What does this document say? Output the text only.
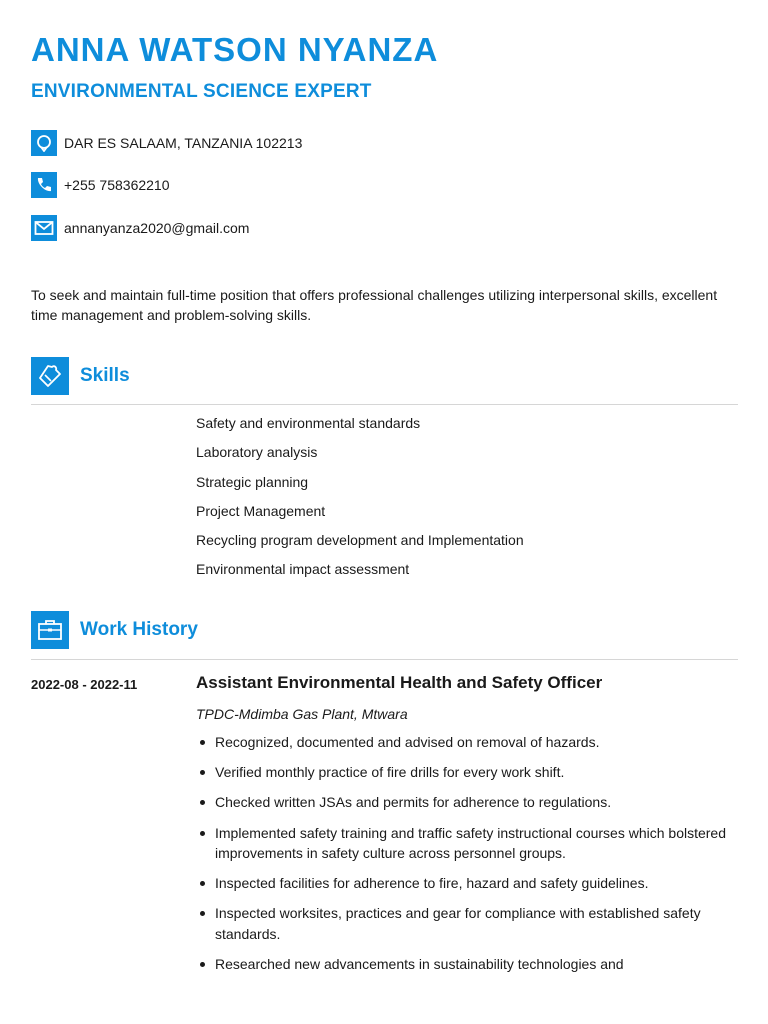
ANNA WATSON NYANZA
ENVIRONMENTAL SCIENCE EXPERT
DAR ES SALAAM, TANZANIA 102213
+255 758362210
annanyanza2020@gmail.com

To seek and maintain full-time position that offers professional challenges utilizing interpersonal skills, excellent time management and problem-solving skills.

Skills
Safety and environmental standards
Laboratory analysis
Strategic planning
Project Management
Recycling program development and Implementation
Environmental impact assessment
Work History
2022-08 - 2022-11	Assistant Environmental Health and Safety Officer
TPDC-Mdimba Gas Plant, Mtwara
Recognized, documented and advised on removal of hazards.
Verified monthly practice of fire drills for every work shift.
Checked written JSAs and permits for adherence to regulations.
Implemented safety training and traffic safety instructional courses which bolstered improvements in safety culture across personnel groups.
Inspected facilities for adherence to fire, hazard and safety guidelines.
Inspected worksites, practices and gear for compliance with established safety standards.
Researched new advancements in sustainability technologies and
